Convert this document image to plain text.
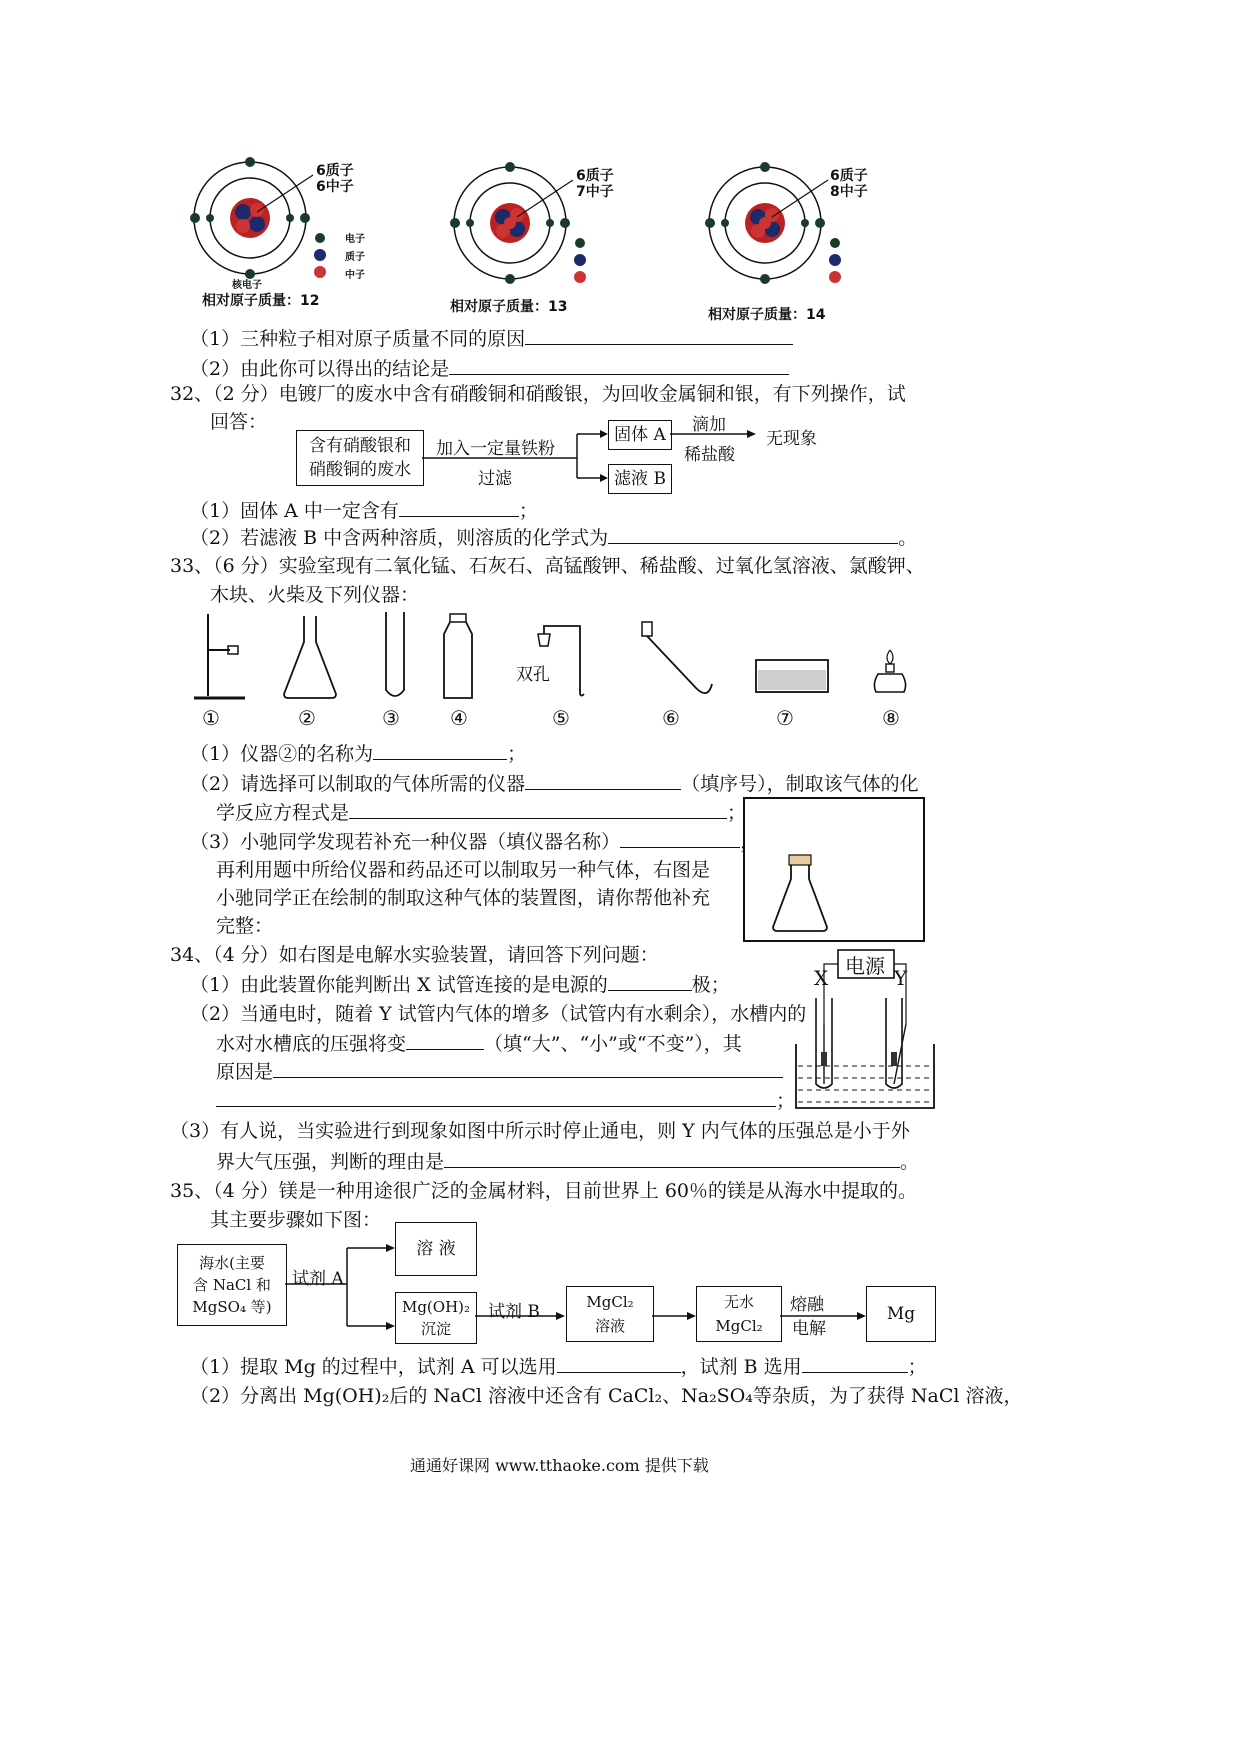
6质子
6中子
相对原子质量：12
6质子
7中子
相对原子质量：13
6质子
8中子
相对原子质量：14
电子
质子
中子
核电子
（1）三种粒子相对原子质量不同的原因
（2）由此你可以得出的结论是
32、（2 分）电镀厂的废水中含有硝酸铜和硝酸银，为回收金属铜和银，有下列操作，试
回答：
含有硝酸银和
硝酸铜的废水
加入一定量铁粉
过滤
固体 A
滤液 B
滴加
稀盐酸
无现象
（1）固体 A 中一定含有	；
（2）若滤液 B 中含两种溶质，则溶质的化学式为	。
33、（6 分）实验室现有二氧化锰、石灰石、高锰酸钾、稀盐酸、过氧化氢溶液、氯酸钾、
木块、火柴及下列仪器：
双孔
①	②	③	④	⑤	⑥	⑦	⑧
（1）仪器②的名称为	；
（2）请选择可以制取的气体所需的仪器	（填序号），制取该气体的化
学反应方程式是	；
（3）小驰同学发现若补充一种仪器（填仪器名称）	，
再利用题中所给仪器和药品还可以制取另一种气体，右图是
小驰同学正在绘制的制取这种气体的装置图，请你帮他补充
完整：
34、（4 分）如右图是电解水实验装置，请回答下列问题：
（1）由此装置你能判断出 X 试管连接的是电源的	极；
（2）当通电时，随着 Y 试管内气体的增多（试管内有水剩余），水槽内的
水对水槽底的压强将变	（填“大”、“小”或“不变”），其
原因是
；
（3）有人说，当实验进行到现象如图中所示时停止通电，则 Y 内气体的压强总是小于外
界大气压强，判断的理由是	。
电源
X	Y
35、（4 分）镁是一种用途很广泛的金属材料，目前世界上 60％的镁是从海水中提取的。
其主要步骤如下图：
海水(主要
含 NaCl 和
MgSO₄ 等)
试剂 A
溶 液
Mg(OH)₂
沉淀
试剂 B	MgCl₂
溶液
无水
MgCl₂
熔融
电解
Mg
（1）提取 Mg 的过程中，试剂 A 可以选用	，试剂 B 选用	；
（2）分离出 Mg(OH)₂后的 NaCl 溶液中还含有 CaCl₂、Na₂SO₄等杂质，为了获得 NaCl 溶液，
通通好课网 www.tthaoke.com 提供下载
